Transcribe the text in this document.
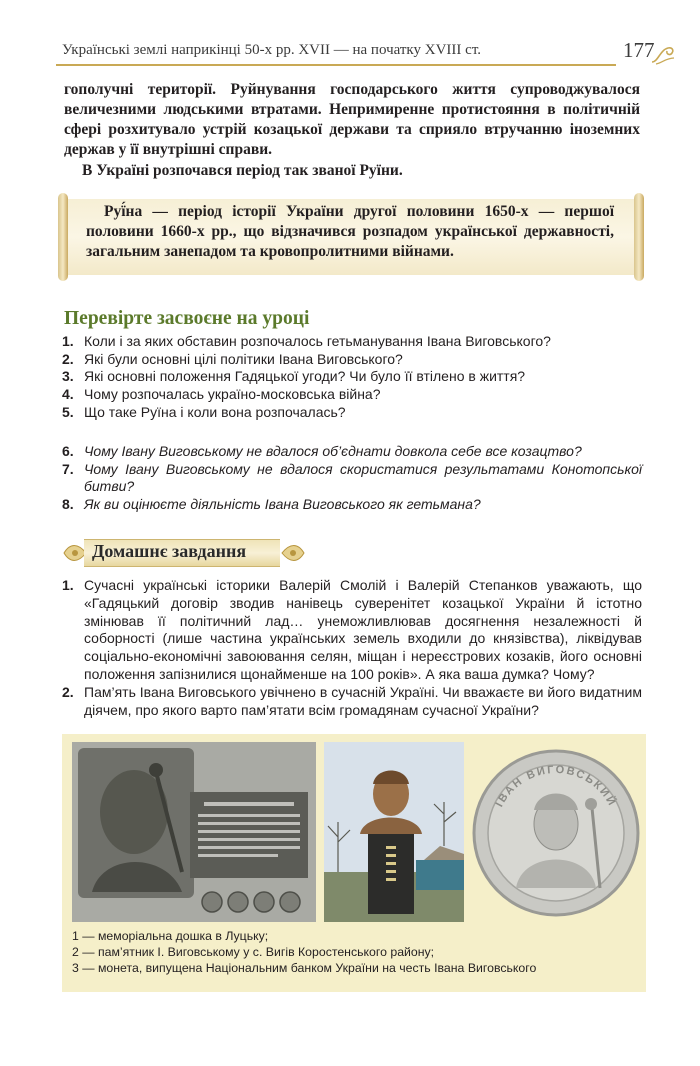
Українські землі наприкінці 50-х рр. XVII — на початку XVIII ст.	177
гополучні території. Руйнування господарського життя супроводжувалося величезними людськими втратами. Непримиренне протистояння в політичній сфері розхитувало устрій козацької держави та сприяло втручанню іноземних держав у її внутрішні справи.
В Україні розпочався період так званої Руїни.
Руї́на — період історії України другої половини 1650-х — першої половини 1660-х рр., що відзначився розпадом української державності, загальним занепадом та кровопролитними війнами.
Перевірте засвоєне на уроці
1. Коли і за яких обставин розпочалось гетьманування Івана Виговського?
2. Які були основні цілі політики Івана Виговського?
3. Які основні положення Гадяцької угоди? Чи було її втілено в життя?
4. Чому розпочалась україно-московська війна?
5. Що таке Руїна і коли вона розпочалась?
6. Чому Івану Виговському не вдалося об’єднати довкола себе все козацтво?
7. Чому Івану Виговському не вдалося скористатися результатами Конотопської битви?
8. Як ви оцінюєте діяльність Івана Виговського як гетьмана?
Домашнє завдання
1. Сучасні українські історики Валерій Смолій і Валерій Степанков уважають, що «Гадяцький договір зводив нанівець суверенітет козацької України й істотно змінював її політичний лад… унеможливлював досягнення незалежності й соборності (лише частина українських земель входили до князівства), ліквідував соціально-економічні завоювання селян, міщан і нереєстрових козаків, його основні положення запізнилися щонайменше на 100 років». А яка ваша думка? Чому?
2. Пам’ять Івана Виговського увічнено в сучасній Україні. Чи вважаєте ви його видатним діячем, про якого варто пам’ятати всім громадянам сучасної України?
ІВАН ВИГОВСЬКИЙ
1 — меморіальна дошка в Луцьку;
2 — пам’ятник І. Виговському у с. Вигів Коростенського району;
3 — монета, випущена Національним банком України на честь Івана Виговського
